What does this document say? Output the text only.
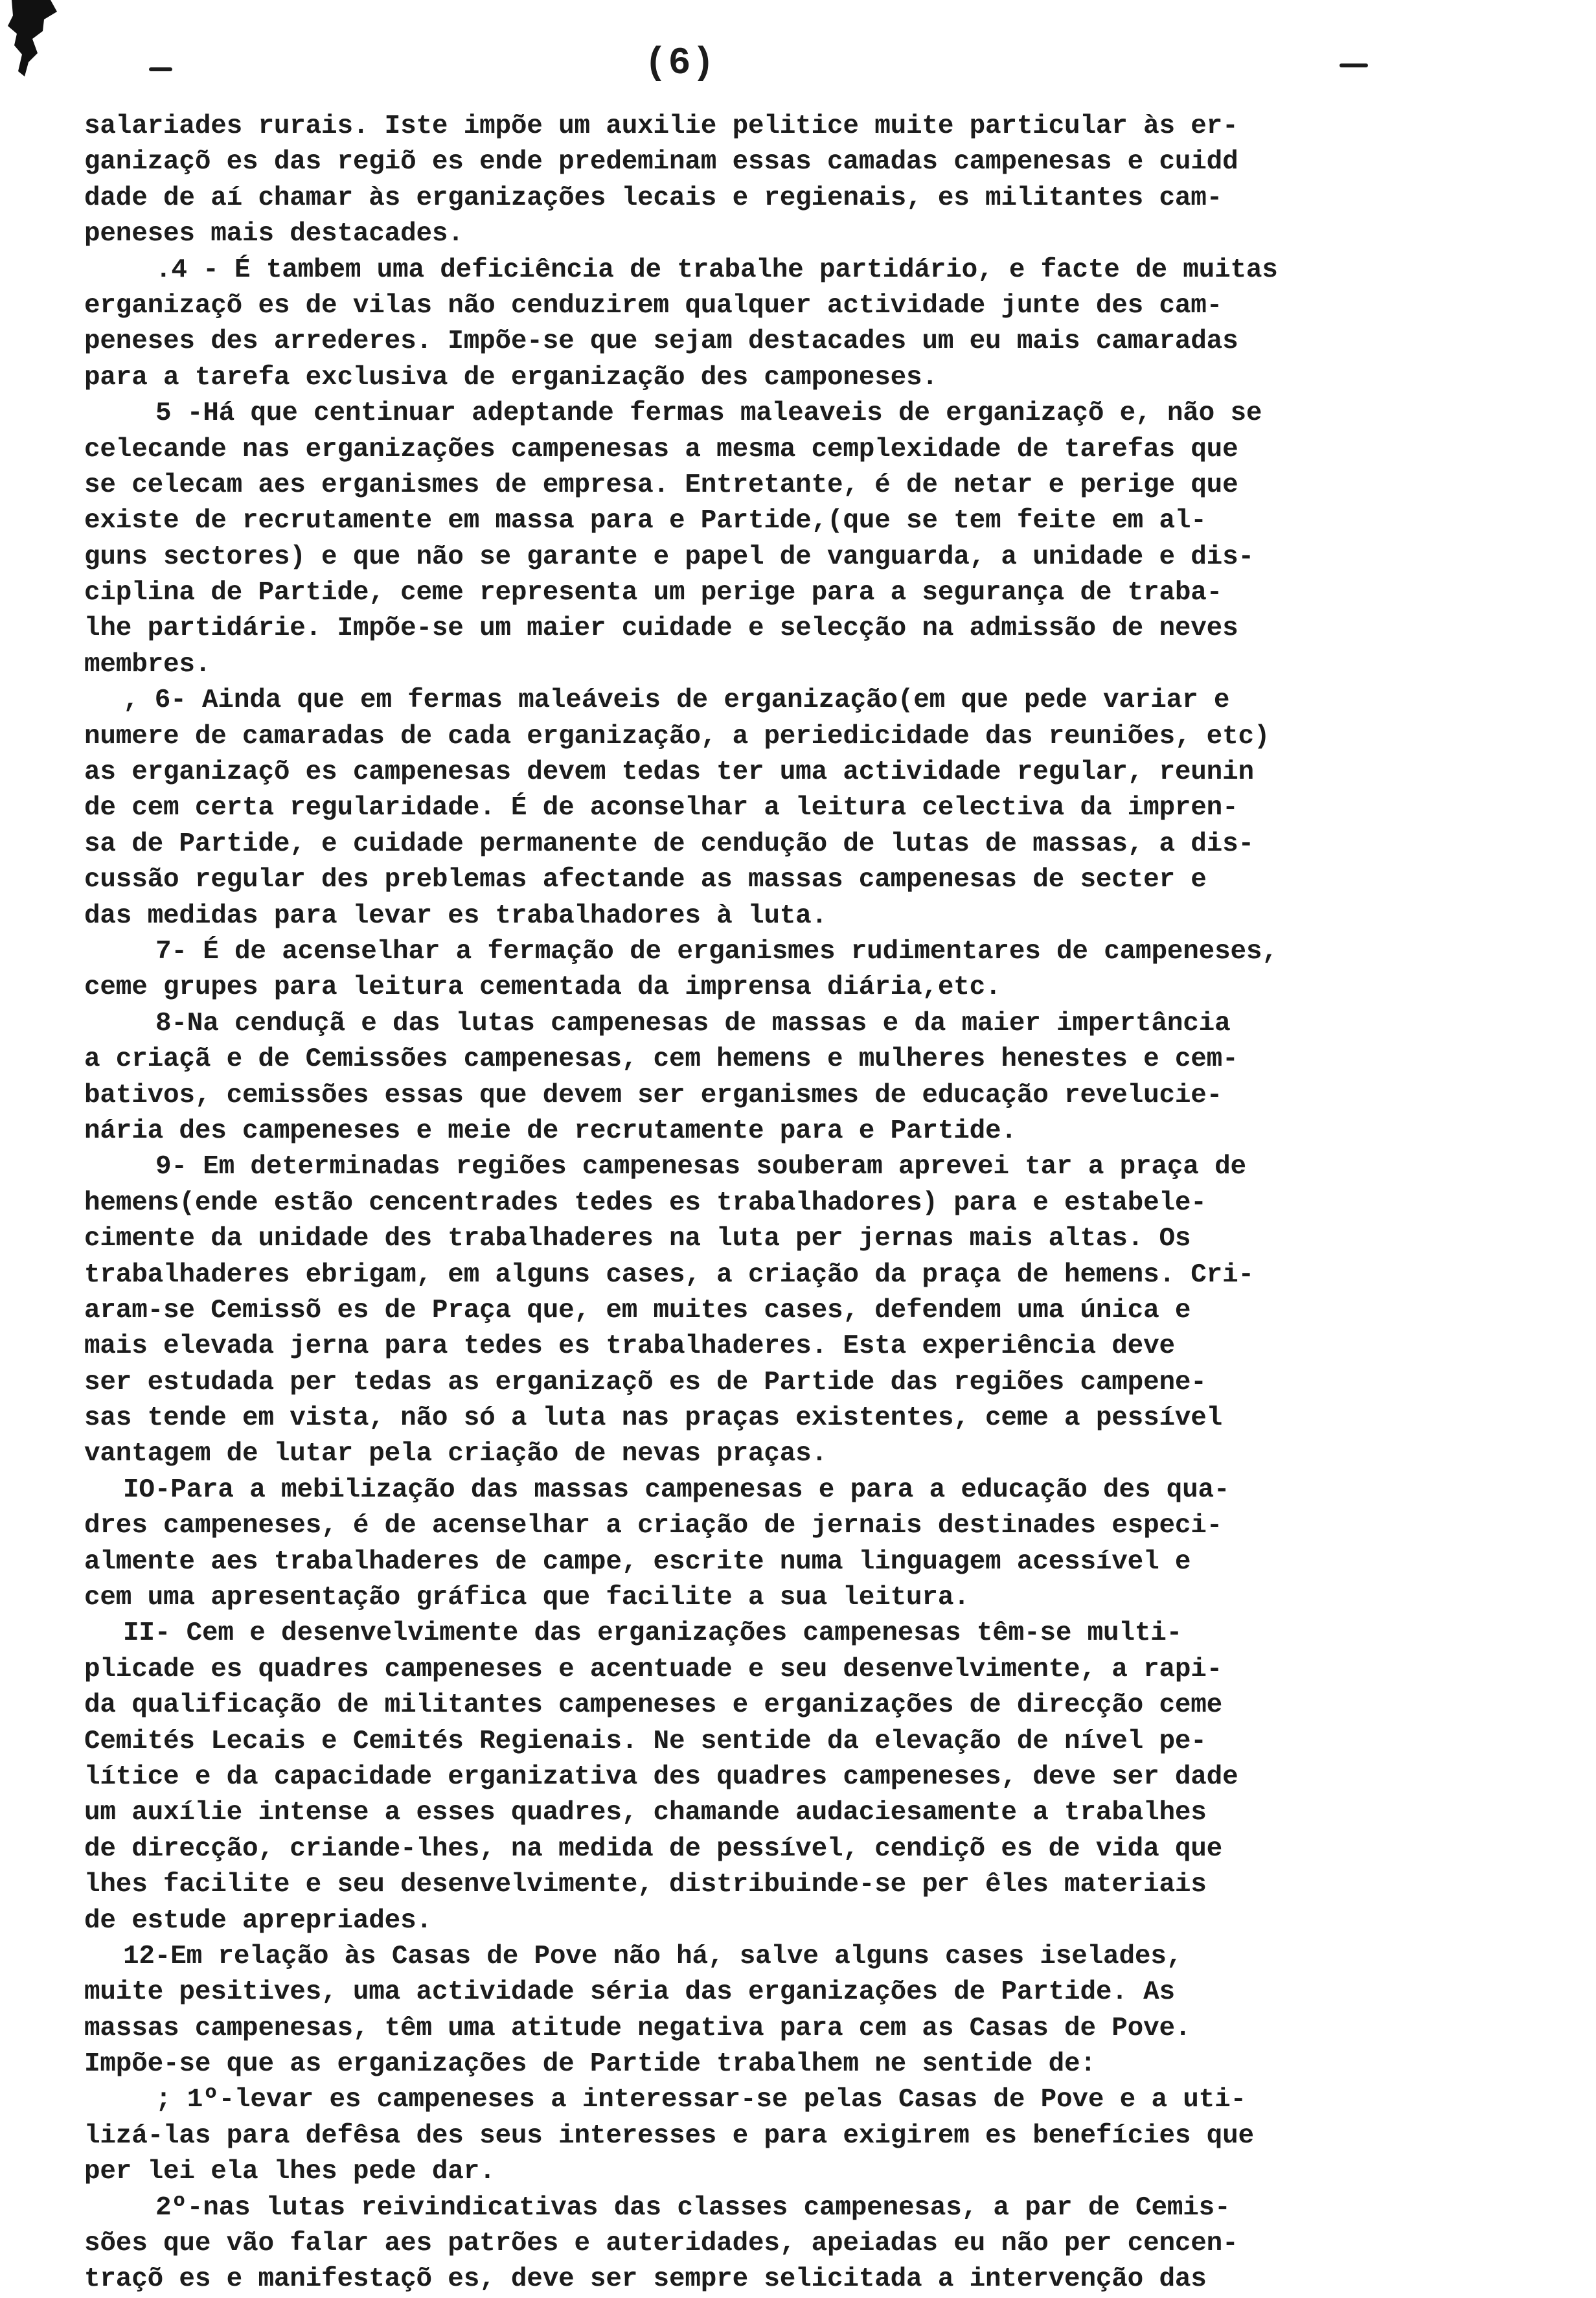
(6)
salariades rurais. Iste impõe um auxilie pelitice muite particular às er-
ganizaçõ es das regiõ es ende predeminam essas camadas campenesas e cuidd
dade de aí chamar às erganizações lecais e regienais, es militantes cam-
peneses mais destacades.
.4 - É tambem uma deficiência de trabalhe partidário, e facte de muitas
erganizaçõ es de vilas não cenduzirem qualquer actividade junte des cam-
peneses des arrederes. Impõe-se que sejam destacades um eu mais camaradas
para a tarefa exclusiva de erganização des camponeses.
5 -Há que centinuar adeptande fermas maleaveis de erganizaçõ e, não se
celecande nas erganizações campenesas a mesma cemplexidade de tarefas que
se celecam aes erganismes de empresa. Entretante, é de netar e perige que
existe de recrutamente em massa para e Partide,(que se tem feite em al-
guns sectores) e que não se garante e papel de vanguarda, a unidade e dis-
ciplina de Partide, ceme representa um perige para a segurança de traba-
lhe partidárie. Impõe-se um maier cuidade e selecção na admissão de neves
membres.
, 6- Ainda que em fermas maleáveis de erganização(em que pede variar e
numere de camaradas de cada erganização, a periedicidade das reuniões, etc)
as erganizaçõ es campenesas devem tedas ter uma actividade regular, reunin
de cem certa regularidade. É de aconselhar a leitura celectiva da impren-
sa de Partide, e cuidade permanente de cendução de lutas de massas, a dis-
cussão regular des preblemas afectande as massas campenesas de secter e
das medidas para levar es trabalhadores à luta.
7- É de acenselhar a fermação de erganismes rudimentares de campeneses,
ceme grupes para leitura cementada da imprensa diária,etc.
8-Na cenduçã e das lutas campenesas de massas e da maier impertância
a criaçã e de Cemissões campenesas, cem hemens e mulheres henestes e cem-
bativos, cemissões essas que devem ser erganismes de educação revelucie-
nária des campeneses e meie de recrutamente para e Partide.
9- Em determinadas regiões campenesas souberam aprevei tar a praça de
hemens(ende estão cencentrades tedes es trabalhadores) para e estabele-
cimente da unidade des trabalhaderes na luta per jernas mais altas. Os
trabalhaderes ebrigam, em alguns cases, a criação da praça de hemens. Cri-
aram-se Cemissõ es de Praça que, em muites cases, defendem uma única e
mais elevada jerna para tedes es trabalhaderes. Esta experiência deve
ser estudada per tedas as erganizaçõ es de Partide das regiões campene-
sas tende em vista, não só a luta nas praças existentes, ceme a pessível
vantagem de lutar pela criação de nevas praças.
IO-Para a mebilização das massas campenesas e para a educação des qua-
dres campeneses, é de acenselhar a criação de jernais destinades especi-
almente aes trabalhaderes de campe, escrite numa linguagem acessível e
cem uma apresentação gráfica que facilite a sua leitura.
II- Cem e desenvelvimente das erganizações campenesas têm-se multi-
plicade es quadres campeneses e acentuade e seu desenvelvimente, a rapi-
da qualificação de militantes campeneses e erganizações de direcção ceme
Cemités Lecais e Cemités Regienais. Ne sentide da elevação de nível pe-
lítice e da capacidade erganizativa des quadres campeneses, deve ser dade
um auxílie intense a esses quadres, chamande audaciesamente a trabalhes
de direcção, criande-lhes, na medida de pessível, cendiçõ es de vida que
lhes facilite e seu desenvelvimente, distribuinde-se per êles materiais
de estude aprepriades.
12-Em relação às Casas de Pove não há, salve alguns cases iselades,
muite pesitives, uma actividade séria das erganizações de Partide. As
massas campenesas, têm uma atitude negativa para cem as Casas de Pove.
Impõe-se que as erganizações de Partide trabalhem ne sentide de:
; 1º-levar es campeneses a interessar-se pelas Casas de Pove e a uti-
lizá-las para defêsa des seus interesses e para exigirem es benefícies que
per lei ela lhes pede dar.
2º-nas lutas reivindicativas das classes campenesas, a par de Cemis-
sões que vão falar aes patrões e auteridades, apeiadas eu não per cencen-
traçõ es e manifestaçõ es, deve ser sempre selicitada a intervenção das
